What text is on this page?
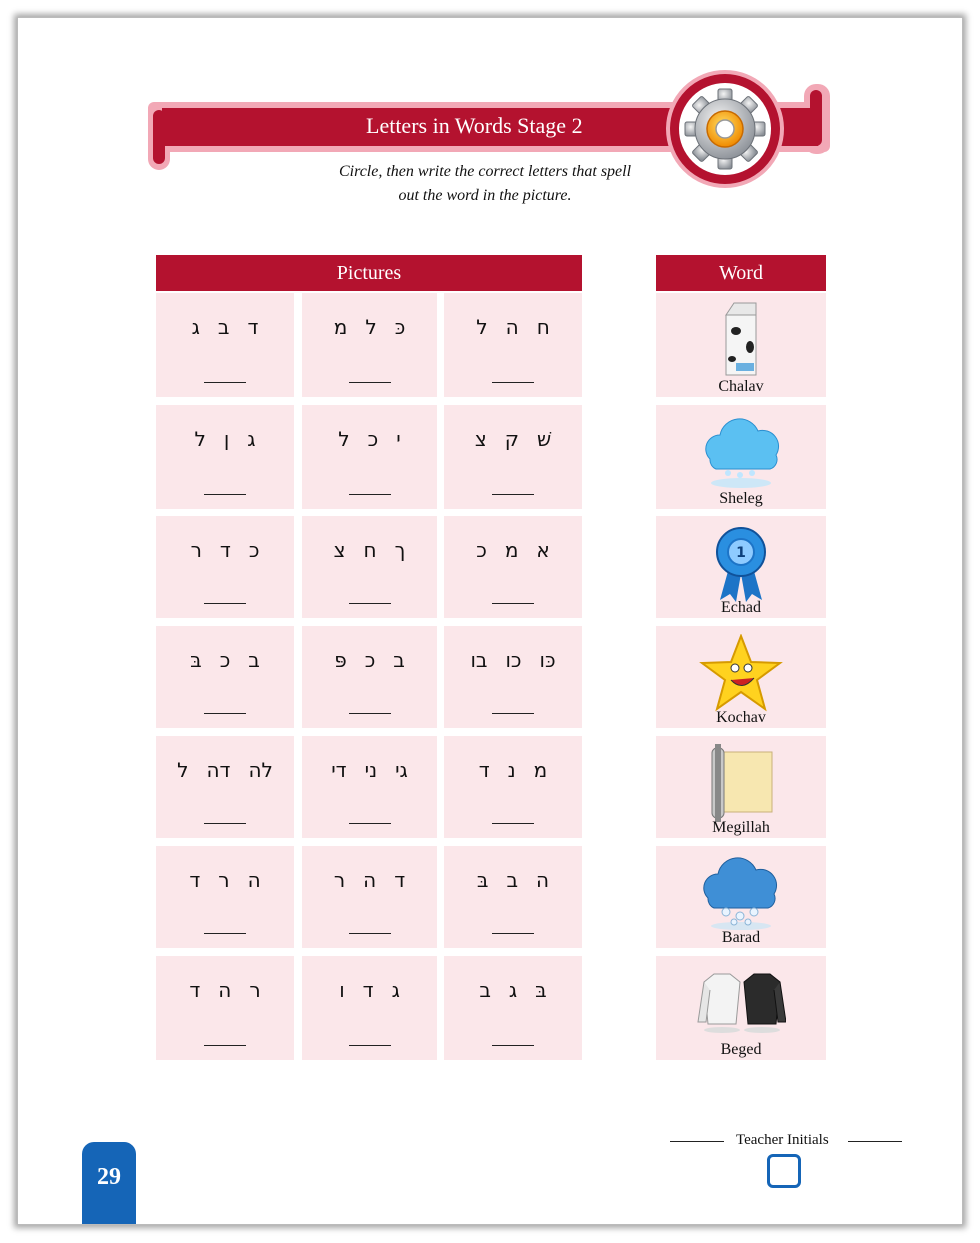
Letters in Words Stage 2
Circle, then write the correct letters that spell
out the word in the picture.
Pictures	Word
ח
ה
ל
כּ
ל
מ
ד
ב
ג
Chalav
שׁ
ק
צ
י
כ
ל
ג
ן
ל
Sheleg
א
מ
כ
ך
ח
צ
כ
ד
ר	1
Echad
כּו
כו
בו
ב
כ
פּ
ב
כ
בּ
Kochav
מ
נ
ד
גי
ני
די
לה
דה
ל
Megillah
ה
ב
בּ
ד
ה
ר
ה
ר
ד
Barad
בּ
ג
ב
ג
ד
ו
ר
ה
ד
Beged
29
Teacher Initials
